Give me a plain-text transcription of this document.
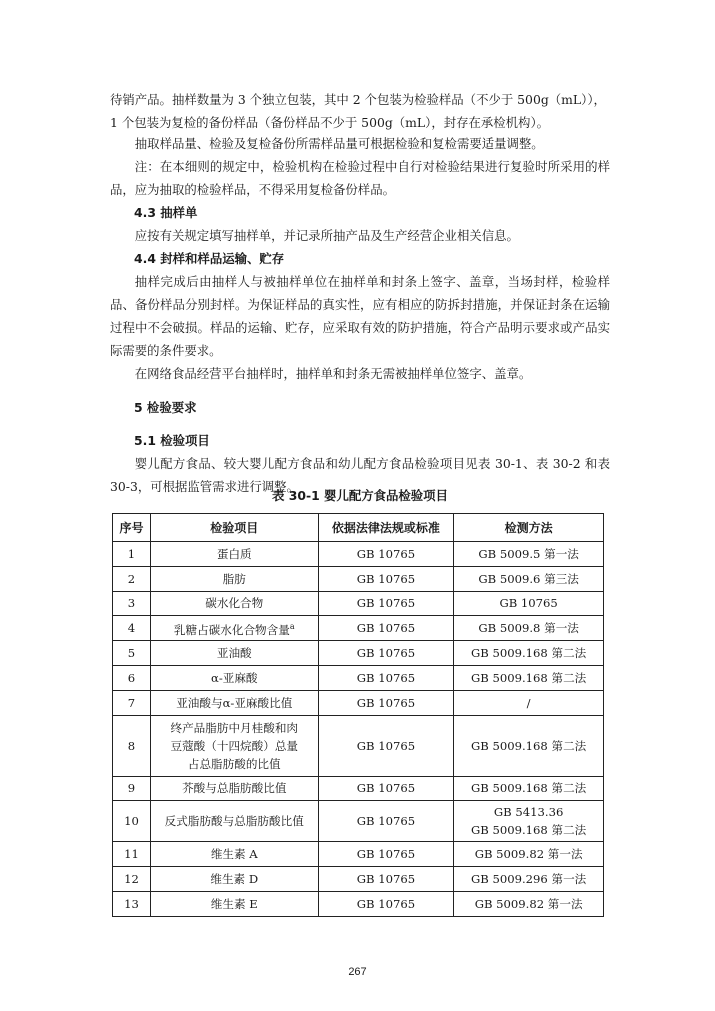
待销产品。抽样数量为 3 个独立包装，其中 2 个包装为检验样品（不少于 500g（mL）），
1 个包装为复检的备份样品（备份样品不少于 500g（mL），封存在承检机构）。

抽取样品量、检验及复检备份所需样品量可根据检验和复检需要适量调整。

注：在本细则的规定中，检验机构在检验过程中自行对检验结果进行复验时所采用的样品，应为抽取的检验样品，不得采用复检备份样品。

4.3 抽样单

应按有关规定填写抽样单，并记录所抽产品及生产经营企业相关信息。

4.4 封样和样品运输、贮存

抽样完成后由抽样人与被抽样单位在抽样单和封条上签字、盖章，当场封样，检验样品、备份样品分别封样。为保证样品的真实性，应有相应的防拆封措施，并保证封条在运输过程中不会破损。样品的运输、贮存，应采取有效的防护措施，符合产品明示要求或产品实际需要的条件要求。

在网络食品经营平台抽样时，抽样单和封条无需被抽样单位签字、盖章。

5 检验要求

5.1 检验项目

婴儿配方食品、较大婴儿配方食品和幼儿配方食品检验项目见表 30-1、表 30-2 和表 30-3，可根据监管需求进行调整。

表 30-1 婴儿配方食品检验项目
序号	检验项目	依据法律法规或标准	检测方法
1	蛋白质	GB 10765	GB 5009.5 第一法
2	脂肪	GB 10765	GB 5009.6 第三法
3	碳水化合物	GB 10765	GB 10765
4	乳糖占碳水化合物含量$^a$	GB 10765	GB 5009.8 第一法
5	亚油酸	GB 10765	GB 5009.168 第二法
6	α-亚麻酸	GB 10765	GB 5009.168 第二法
7	亚油酸与α-亚麻酸比值	GB 10765	/
8	终产品脂肪中月桂酸和肉豆蔻酸（十四烷酸）总量占总脂肪酸的比值	GB 10765	GB 5009.168 第二法
9	芥酸与总脂肪酸比值	GB 10765	GB 5009.168 第二法
10	反式脂肪酸与总脂肪酸比值	GB 10765	GB 5413.36
GB 5009.168 第二法

11	维生素 A	GB 10765	GB 5009.82 第一法
12	维生素 D	GB 10765	GB 5009.296 第一法
13	维生素 E	GB 10765	GB 5009.82 第一法
267
